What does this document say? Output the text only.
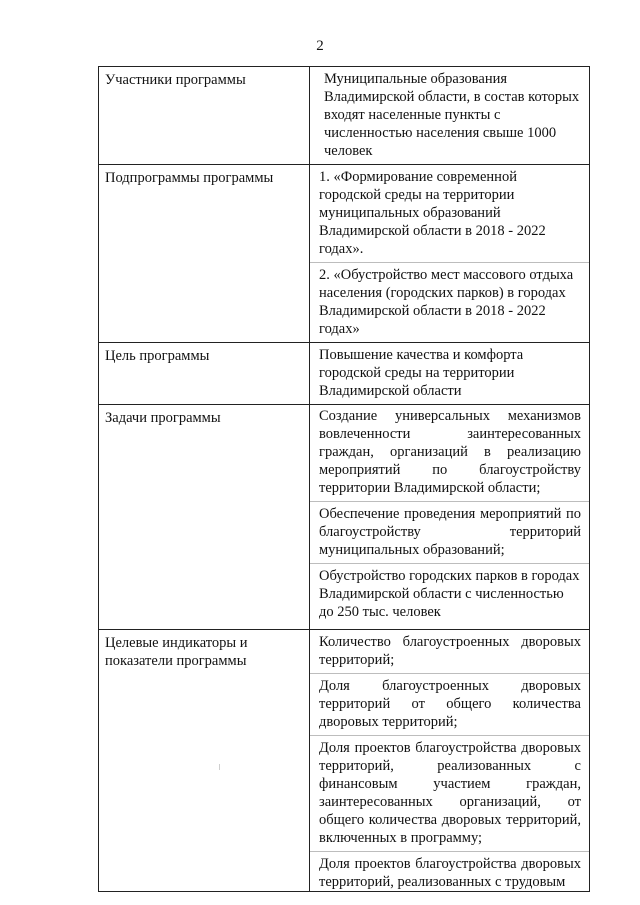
2
Участники программы	Муниципальные образования Владимирской области, в состав которых входят населенные пункты с численностью населения свыше 1000 человек

Подпрограммы программы	1. «Формирование современной городской среды на территории муниципальных образований Владимирской области в 2018 - 2022 годах».
2. «Обустройство мест массового отдыха населения (городских парков) в городах Владимирской области в 2018 - 2022 годах»

Цель программы	Повышение качества и комфорта городской среды на территории Владимирской области

Задачи программы	Создание универсальных механизмов вовлеченности заинтересованных граждан, организаций в реализацию мероприятий по благоустройству территории Владимирской области;
Обеспечение проведения мероприятий по благоустройству территорий муниципальных образований;
Обустройство городских парков в городах Владимирской области с численностью до 250 тыс. человек

Целевые индикаторы и показатели программы	Количество благоустроенных дворовых территорий;
Доля благоустроенных дворовых территорий от общего количества дворовых территорий;
Доля проектов благоустройства дворовых территорий, реализованных с финансовым участием граждан, заинтересованных организаций, от общего количества дворовых территорий, включенных в программу;
Доля проектов благоустройства дворовых территорий, реализованных с трудовым
